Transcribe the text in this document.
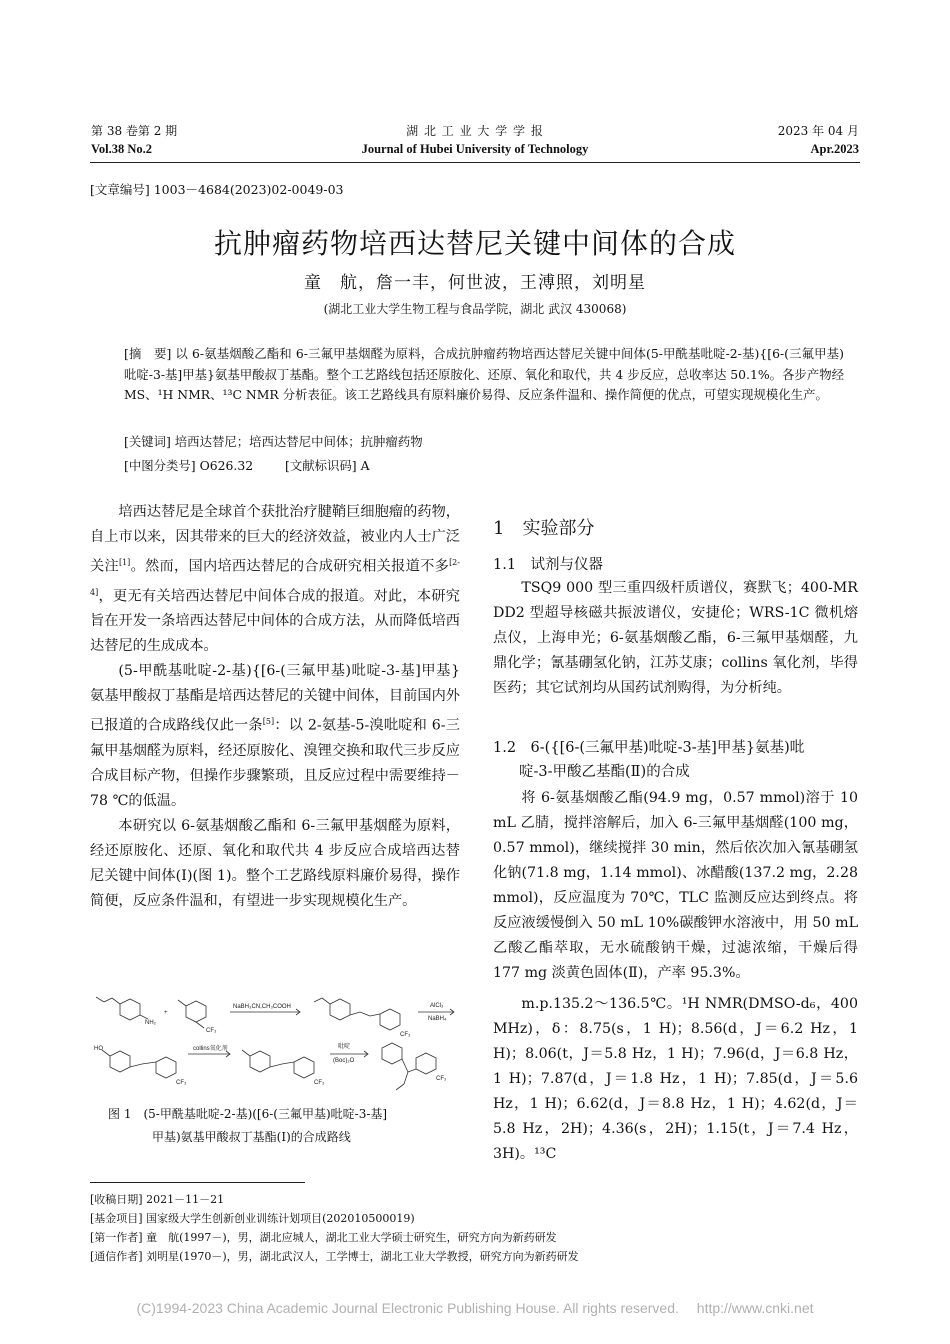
第 38 卷第 2 期
Vol.38 No.2
湖 北 工 业 大 学 学 报
Journal of Hubei University of Technology
2023 年 04 月
Apr.2023
[文章编号] 1003－4684(2023)02-0049-03
抗肿瘤药物培西达替尼关键中间体的合成
童　航，詹一丰，何世波，王溥照，刘明星
(湖北工业大学生物工程与食品学院，湖北 武汉 430068)
[摘　要] 以 6-氨基烟酸乙酯和 6-三氟甲基烟醛为原料，合成抗肿瘤药物培西达替尼关键中间体(5-甲酰基吡啶-2-基){[6-(三氟甲基)吡啶-3-基]甲基}氨基甲酸叔丁基酯。整个工艺路线包括还原胺化、还原、氧化和取代，共 4 步反应，总收率达 50.1%。各步产物经 MS、¹H NMR、¹³C NMR 分析表征。该工艺路线具有原料廉价易得、反应条件温和、操作简便的优点，可望实现规模化生产。
[关键词] 培西达替尼；培西达替尼中间体；抗肿瘤药物
[中图分类号] O626.32	[文献标识码] A

培西达替尼是全球首个获批治疗腱鞘巨细胞瘤的药物，自上市以来，因其带来的巨大的经济效益，被业内人士广泛关注[1]。然而，国内培西达替尼的合成研究相关报道不多[2-4]，更无有关培西达替尼中间体合成的报道。对此，本研究旨在开发一条培西达替尼中间体的合成方法，从而降低培西达替尼的生成成本。

(5-甲酰基吡啶-2-基){[6-(三氟甲基)吡啶-3-基]甲基}氨基甲酸叔丁基酯是培西达替尼的关键中间体，目前国内外已报道的合成路线仅此一条[5]：以 2-氨基-5-溴吡啶和 6-三氟甲基烟醛为原料，经还原胺化、溴锂交换和取代三步反应合成目标产物，但操作步骤繁琐，且反应过程中需要维持－78 ℃的低温。

本研究以 6-氨基烟酸乙酯和 6-三氟甲基烟醛为原料，经还原胺化、还原、氧化和取代共 4 步反应合成培西达替尼关键中间体(Ⅰ)(图 1)。整个工艺路线原料廉价易得，操作简便，反应条件温和，有望进一步实现规模化生产。

NH₂
+
CF₃
NaBH₃CN,CH₃COOH
CF₃
AlCl₃
NaBH₄
HO
CF₃
collins氧化剂
CF₃
吡啶
(Boc)₂O
CF₃
图 1　(5-甲酰基吡啶-2-基)([6-(三氟甲基)吡啶-3-基]
甲基)氨基甲酸叔丁基酯(Ⅰ)的合成路线
1　实验部分
1.1　试剂与仪器

TSQ9 000 型三重四级杆质谱仪，赛默飞；400-MR DD2 型超导核磁共振波谱仪，安捷伦；WRS-1C 微机熔点仪，上海申光；6-氨基烟酸乙酯，6-三氟甲基烟醛，九鼎化学；氰基硼氢化钠，江苏艾康；collins 氧化剂，毕得医药；其它试剂均从国药试剂购得，为分析纯。

1.2　6-({[6-(三氟甲基)吡啶-3-基]甲基}氨基)吡
啶-3-甲酸乙基酯(Ⅱ)的合成

将 6-氨基烟酸乙酯(94.9 mg，0.57 mmol)溶于 10 mL 乙腈，搅拌溶解后，加入 6-三氟甲基烟醛(100 mg，0.57 mmol)，继续搅拌 30 min，然后依次加入氰基硼氢化钠(71.8 mg，1.14 mmol)、冰醋酸(137.2 mg，2.28 mmol)，反应温度为 70℃，TLC 监测反应达到终点。将反应液缓慢倒入 50 mL 10%碳酸钾水溶液中，用 50 mL 乙酸乙酯萃取，无水硫酸钠干燥，过滤浓缩，干燥后得 177 mg 淡黄色固体(Ⅱ)，产率 95.3%。

m.p.135.2～136.5℃。¹H NMR(DMSO-d₆，400 MHz)，δ：8.75(s，1 H)；8.56(d，J＝6.2 Hz，1 H)；8.06(t，J＝5.8 Hz，1 H)；7.96(d，J＝6.8 Hz，1 H)；7.87(d，J＝1.8 Hz，1 H)；7.85(d，J＝5.6 Hz，1 H)；6.62(d，J＝8.8 Hz，1 H)；4.62(d，J＝5.8 Hz，2H)；4.36(s，2H)；1.15(t，J＝7.4 Hz，3H)。¹³C

[收稿日期] 2021－11－21
[基金项目] 国家级大学生创新创业训练计划项目(202010500019)
[第一作者] 童　航(1997－)，男，湖北应城人，湖北工业大学硕士研究生，研究方向为新药研发
[通信作者] 刘明星(1970－)，男，湖北武汉人，工学博士，湖北工业大学教授，研究方向为新药研发
(C)1994-2023 China Academic Journal Electronic Publishing House. All rights reserved.　 http://www.cnki.net
